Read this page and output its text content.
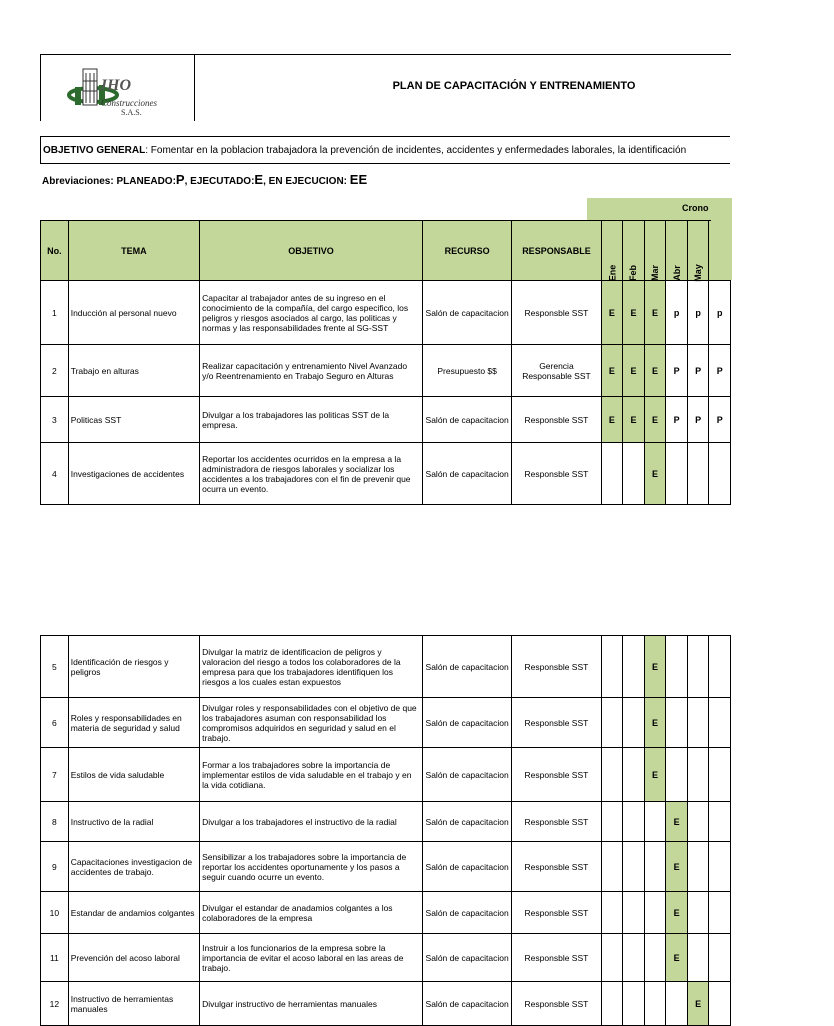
JHO
Construcciones
S.A.S.
PLAN DE CAPACITACIÓN Y ENTRENAMIENTO
OBJETIVO GENERAL: Fomentar en la poblacion trabajadora la prevención de incidentes, accidentes y enfermedades laborales, la identificación
Abreviaciones: PLANEADO:P, EJECUTADO:E, EN EJECUCION: EE
Crono
No.	TEMA	OBJETIVO	RECURSO	RESPONSABLE	Ene	Feb	Mar	Abr	May	
1	Inducción al personal nuevo	Capacitar al trabajador antes de su ingreso en el conocimiento de la compañía, del cargo especifico, los peligros y riesgos asociados al cargo, las politicas y normas y las responsabilidades frente al SG-SST	Salón de capacitacion	Responsble SST	E	E	E	p	p	p
2	Trabajo en alturas	Realizar capacitación y entrenamiento Nivel Avanzado y/o Reentrenamiento en Trabajo Seguro en Alturas	Presupuesto $$	Gerencia Responsable SST	E	E	E	P	P	P
3	Politicas SST	Divulgar a los trabajadores las politicas SST de la empresa.	Salón de capacitacion	Responsble SST	E	E	E	P	P	P
4	Investigaciones de accidentes	Reportar los accidentes ocurridos en la empresa a la administradora de riesgos laborales y socializar los accidentes a los trabajadores con el fin de prevenir que ocurra un evento.	Salón de capacitacion	Responsble SST			E			
5	Identificación de riesgos y peligros	Divulgar la matriz de identificacion de peligros y valoracion del riesgo a todos los colaboradores de la empresa para que los trabajadores identifiquen los riesgos a los cuales estan expuestos	Salón de capacitacion	Responsble SST			E			
6	Roles y responsabilidades en materia de seguridad y salud	Divulgar roles y responsabilidades con el objetivo de que los trabajadores asuman con responsabilidad los compromisos adquiridos en seguridad y salud en el trabajo.	Salón de capacitacion	Responsble SST			E			
7	Estilos de vida saludable	Formar a los trabajadores sobre la importancia de implementar estilos de vida saludable en el trabajo y en la vida cotidiana.	Salón de capacitacion	Responsble SST			E			
8	Instructivo de la radial	Divulgar a los trabajadores el instructivo de la radial	Salón de capacitacion	Responsble SST				E		
9	Capacitaciones investigacion de accidentes de trabajo.	Sensibilizar a los trabajadores sobre la importancia de reportar los accidentes oportunamente y los pasos a seguir cuando ocurre un evento.	Salón de capacitacion	Responsble SST				E		
10	Estandar de andamios colgantes	Divulgar el estandar de anadamios colgantes a los colaboradores de la empresa	Salón de capacitacion	Responsble SST				E		
11	Prevención del acoso laboral	Instruir a los funcionarios de la empresa sobre la importancia de evitar el acoso laboral en las areas de trabajo.	Salón de capacitacion	Responsble SST				E		
12	Instructivo de herramientas manuales	Divulgar instructivo de herramientas manuales	Salón de capacitacion	Responsble SST					E	
